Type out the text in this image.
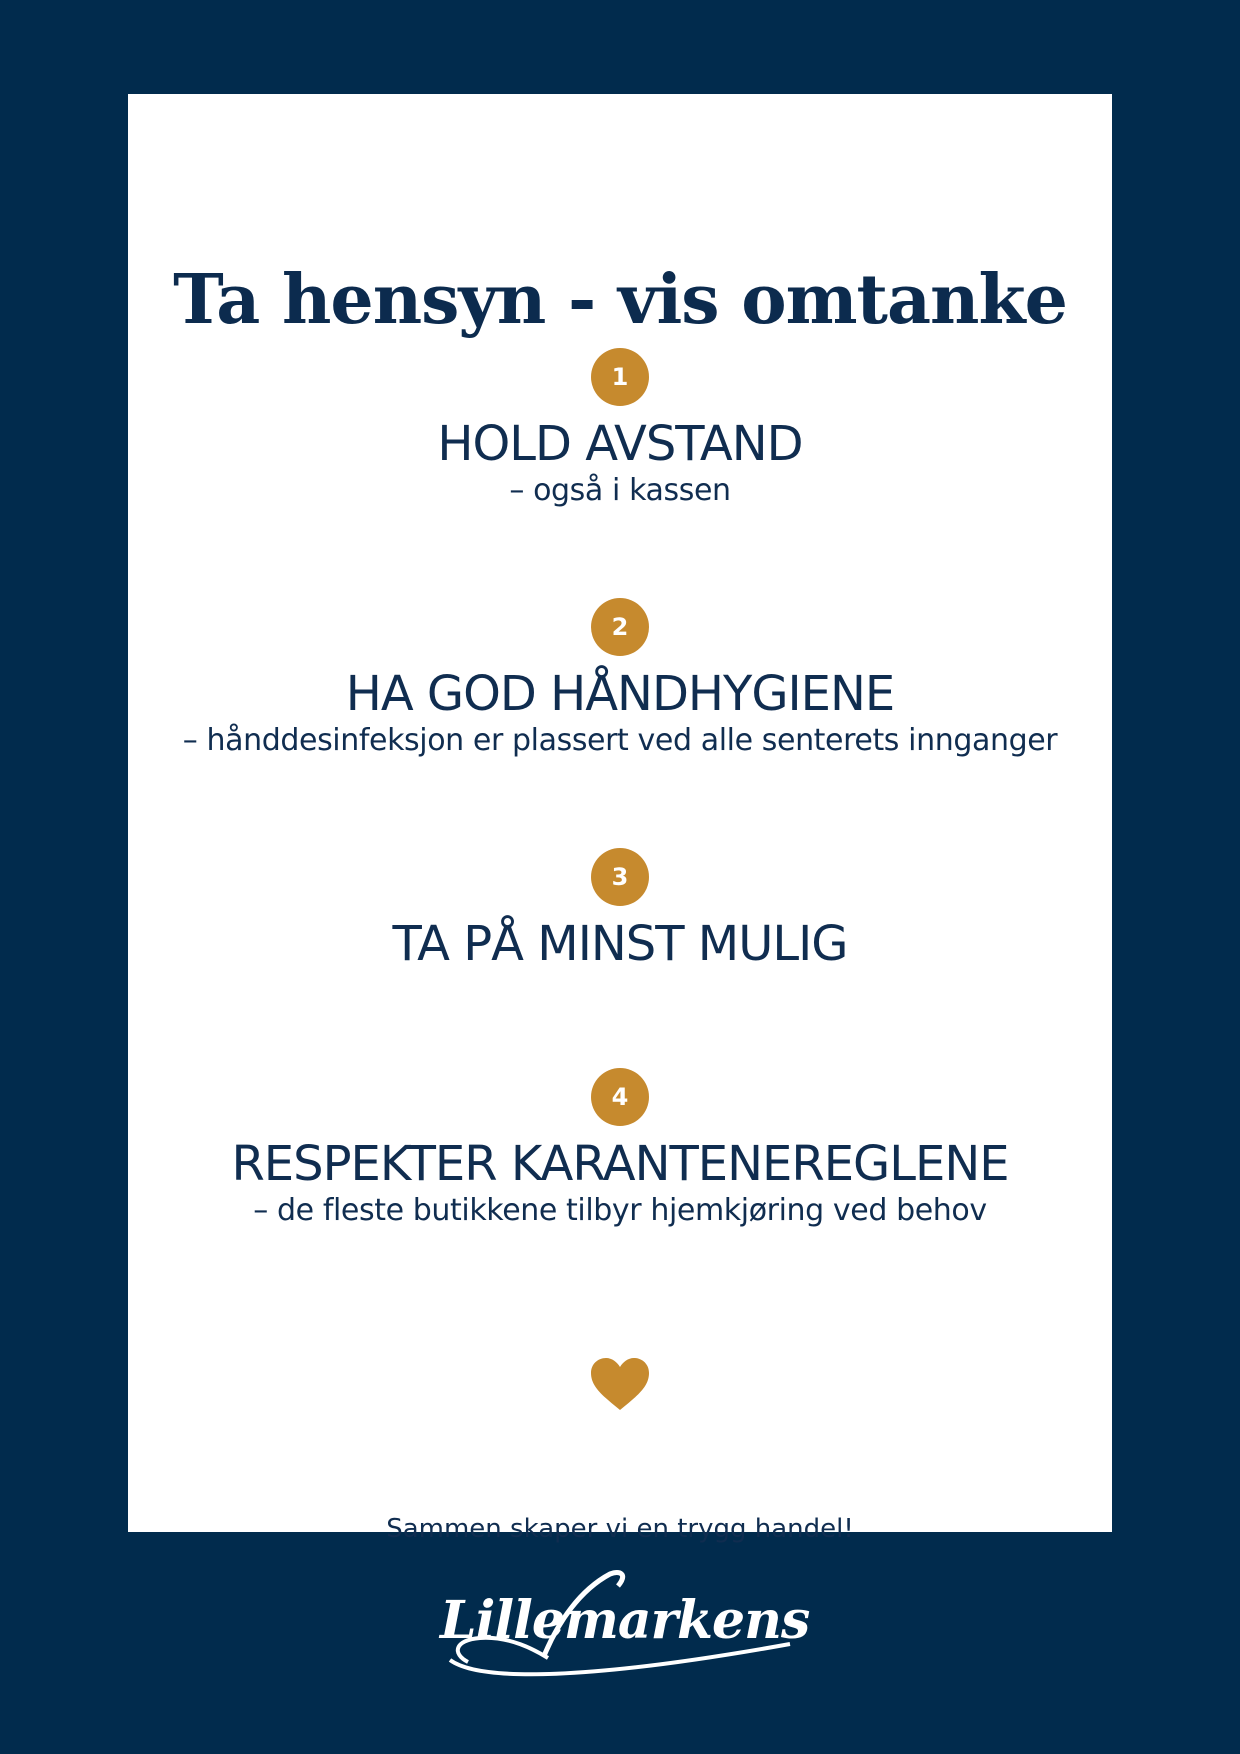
Ta hensyn - vis omtanke
1
HOLD AVSTAND
– også i kassen
2
HA GOD HÅNDHYGIENE
– hånddesinfeksjon er plassert ved alle senterets innganger
3
TA PÅ MINST MULIG
4
RESPEKTER KARANTENEREGLENE
– de fleste butikkene tilbyr hjemkjøring ved behov
Sammen skaper vi en trygg handel!
Lillemarkens
